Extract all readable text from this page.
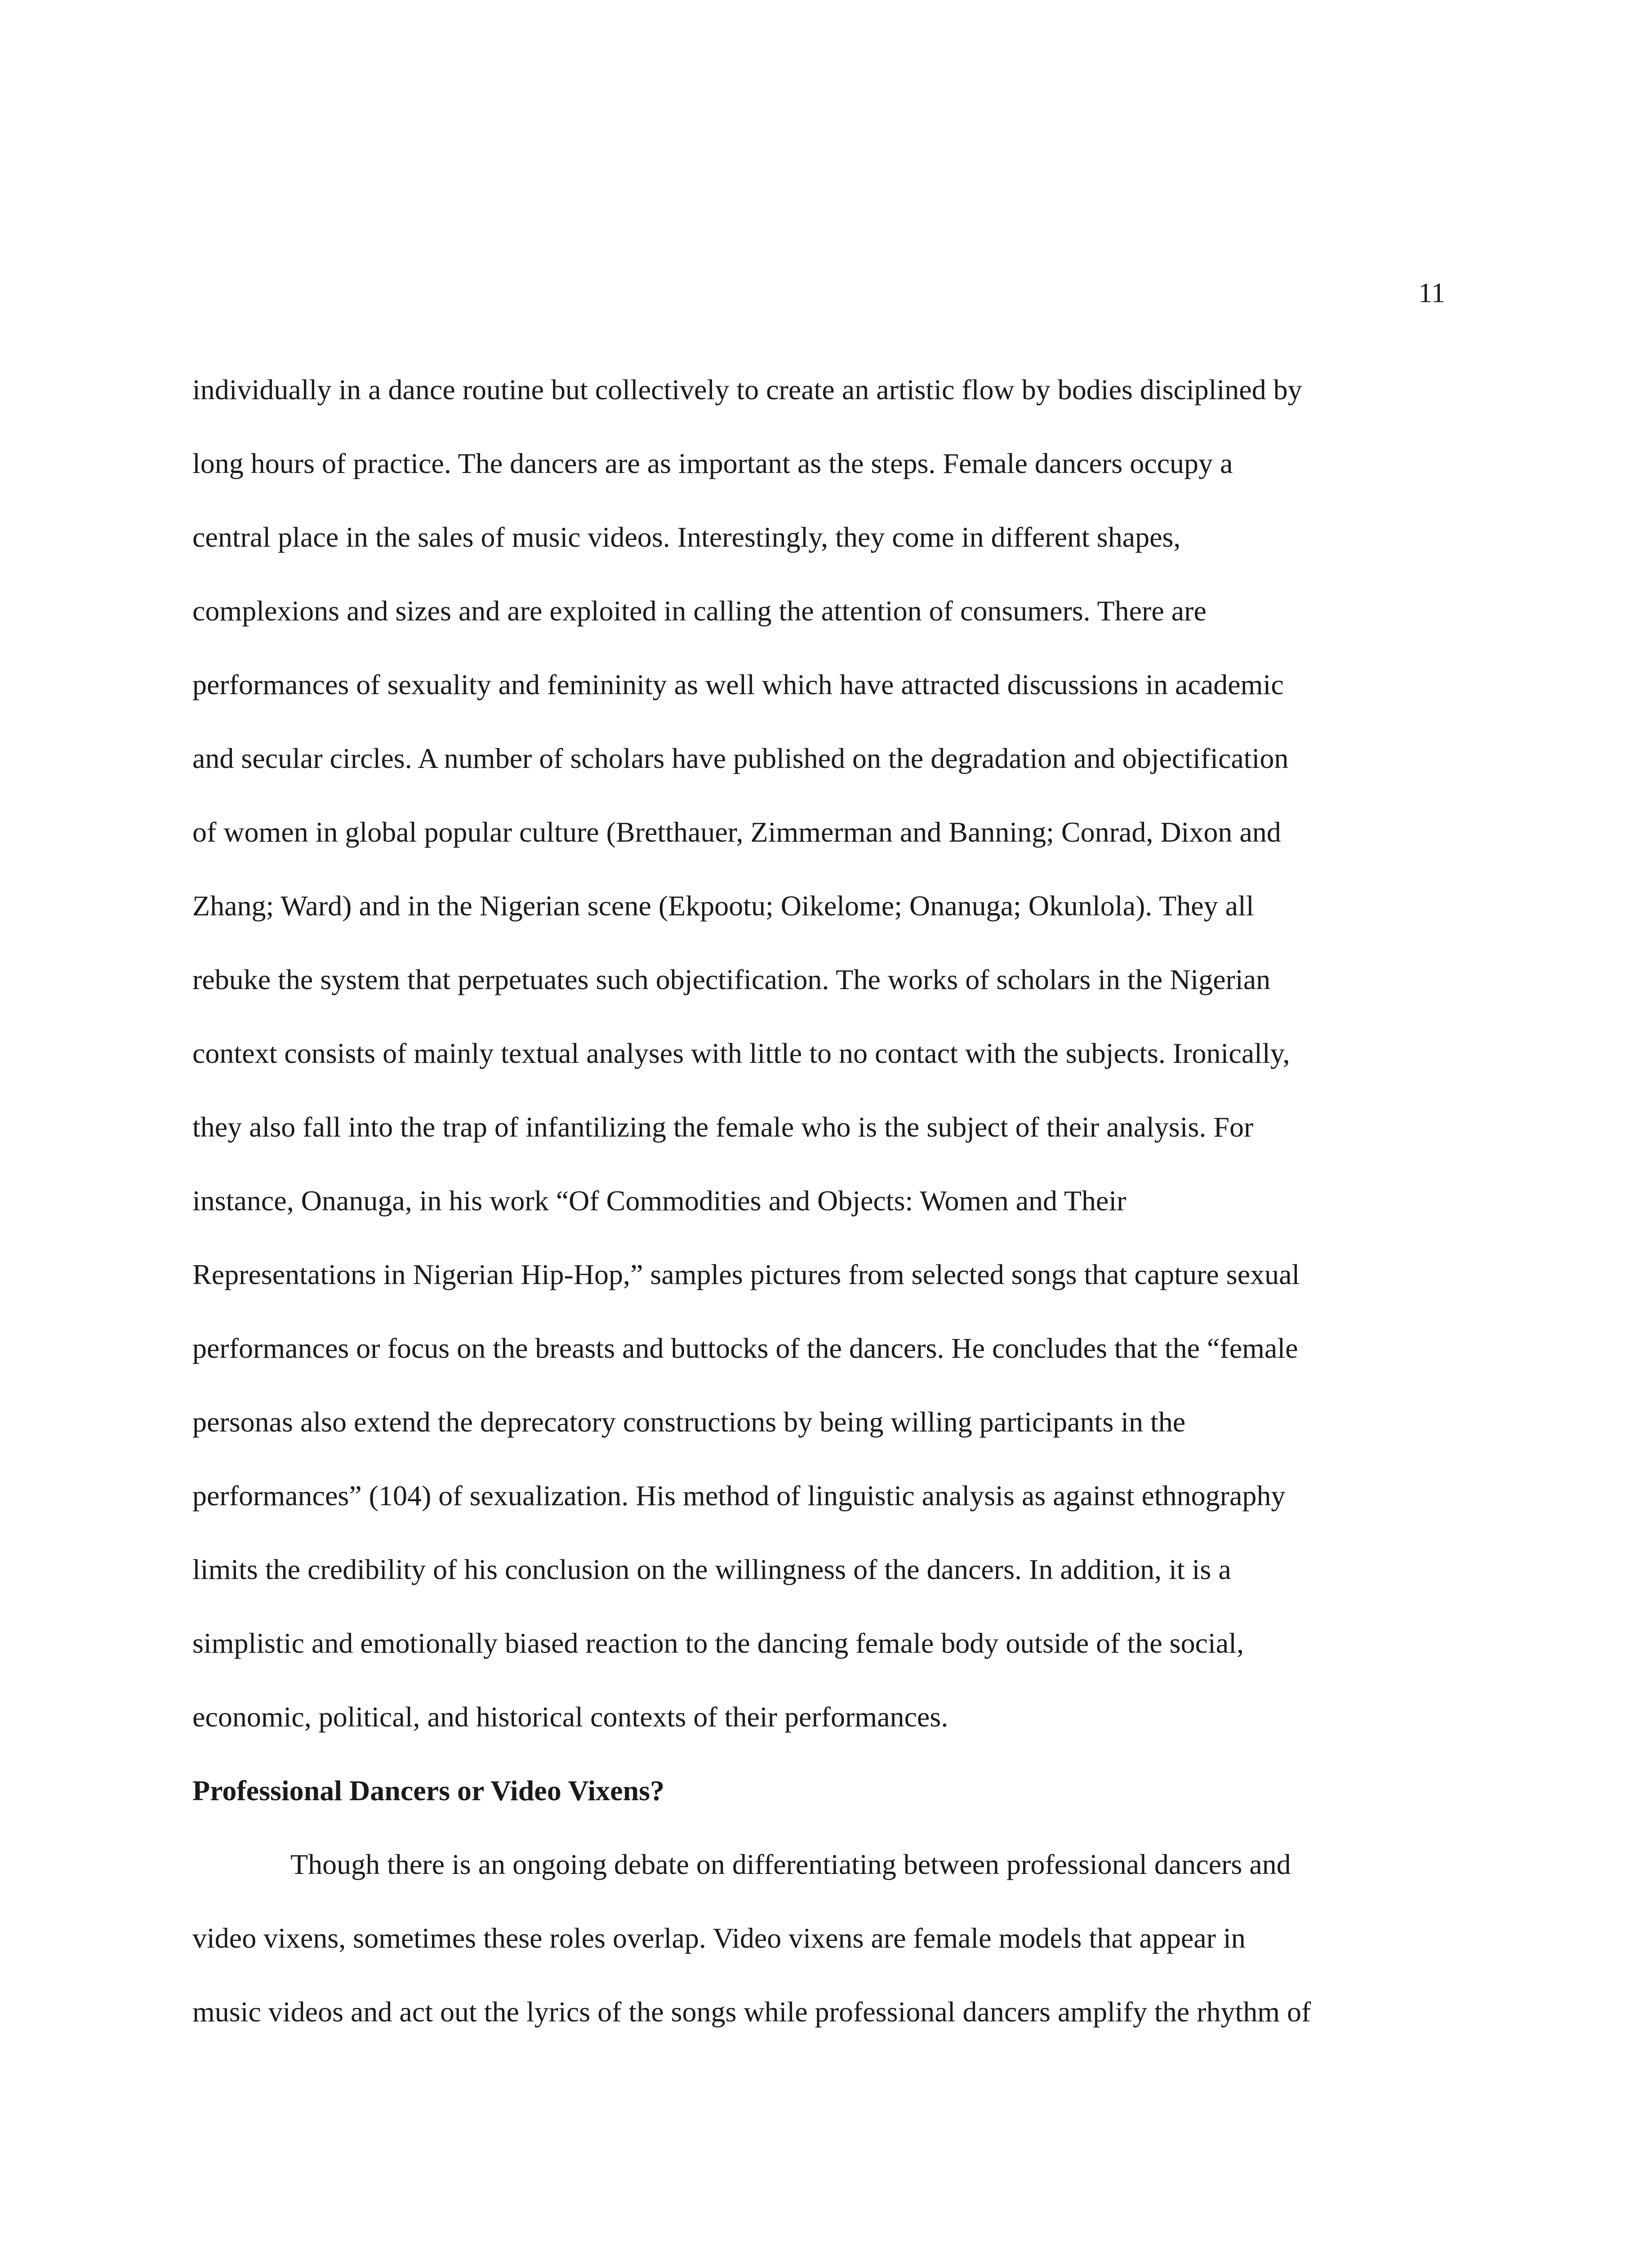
11

individually in a dance routine but collectively to create an artistic flow by bodies disciplined by

long hours of practice. The dancers are as important as the steps. Female dancers occupy a

central place in the sales of music videos. Interestingly, they come in different shapes,

complexions and sizes and are exploited in calling the attention of consumers. There are

performances of sexuality and femininity as well which have attracted discussions in academic

and secular circles. A number of scholars have published on the degradation and objectification

of women in global popular culture (Bretthauer, Zimmerman and Banning; Conrad, Dixon and

Zhang; Ward) and in the Nigerian scene (Ekpootu; Oikelome; Onanuga; Okunlola). They all

rebuke the system that perpetuates such objectification. The works of scholars in the Nigerian

context consists of mainly textual analyses with little to no contact with the subjects. Ironically,

they also fall into the trap of infantilizing the female who is the subject of their analysis. For

instance, Onanuga, in his work “Of Commodities and Objects: Women and Their

Representations in Nigerian Hip-Hop,” samples pictures from selected songs that capture sexual

performances or focus on the breasts and buttocks of the dancers. He concludes that the “female

personas also extend the deprecatory constructions by being willing participants in the

performances” (104) of sexualization. His method of linguistic analysis as against ethnography

limits the credibility of his conclusion on the willingness of the dancers. In addition, it is a

simplistic and emotionally biased reaction to the dancing female body outside of the social,

economic, political, and historical contexts of their performances.

Professional Dancers or Video Vixens?

Though there is an ongoing debate on differentiating between professional dancers and

video vixens, sometimes these roles overlap. Video vixens are female models that appear in

music videos and act out the lyrics of the songs while professional dancers amplify the rhythm of
